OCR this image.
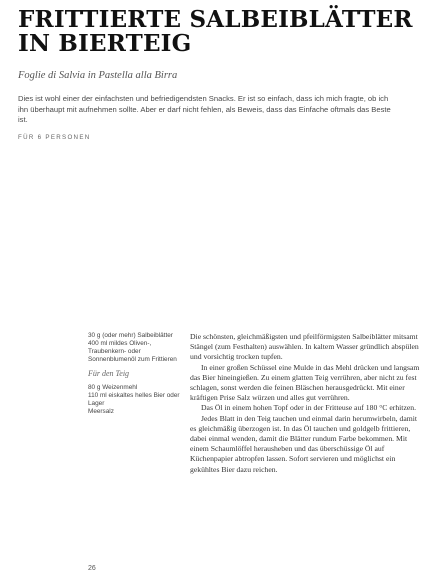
FRITTIERTE SALBEIBLÄTTER IN BIERTEIG

Foglie di Salvia in Pastella alla Birra

Dies ist wohl einer der einfachsten und befriedigendsten Snacks. Er ist so einfach, dass ich mich fragte, ob ich ihn überhaupt mit aufnehmen sollte. Aber er darf nicht fehlen, als Beweis, dass das Einfache oftmals das Beste ist.

FÜR 6 PERSONEN

30 g (oder mehr) Salbeiblätter

400 ml mildes Oliven-, Traubenkern- oder Sonnenblumenöl zum Frittieren

Für den Teig

80 g Weizenmehl

110 ml eiskaltes helles Bier oder Lager

Meersalz

Die schönsten, gleichmäßigsten und pfeilförmigsten Salbeiblätter mitsamt Stängel (zum Festhalten) auswählen. In kaltem Wasser gründlich abspülen und vorsichtig trocken tupfen.

In einer großen Schüssel eine Mulde in das Mehl drücken und langsam das Bier hineingießen. Zu einem glatten Teig verrühren, aber nicht zu fest schlagen, sonst werden die feinen Bläschen herausgedrückt. Mit einer kräftigen Prise Salz würzen und alles gut verrühren.

Das Öl in einem hohen Topf oder in der Fritteuse auf 180 °C erhitzen.

Jedes Blatt in den Teig tauchen und einmal darin herumwirbeln, damit es gleichmäßig überzogen ist. In das Öl tauchen und goldgelb frittieren, dabei einmal wenden, damit die Blätter rundum Farbe bekommen. Mit einem Schaumlöffel herausheben und das überschüssige Öl auf Küchenpapier abtropfen lassen. Sofort servieren und möglichst ein gekühltes Bier dazu reichen.

26
